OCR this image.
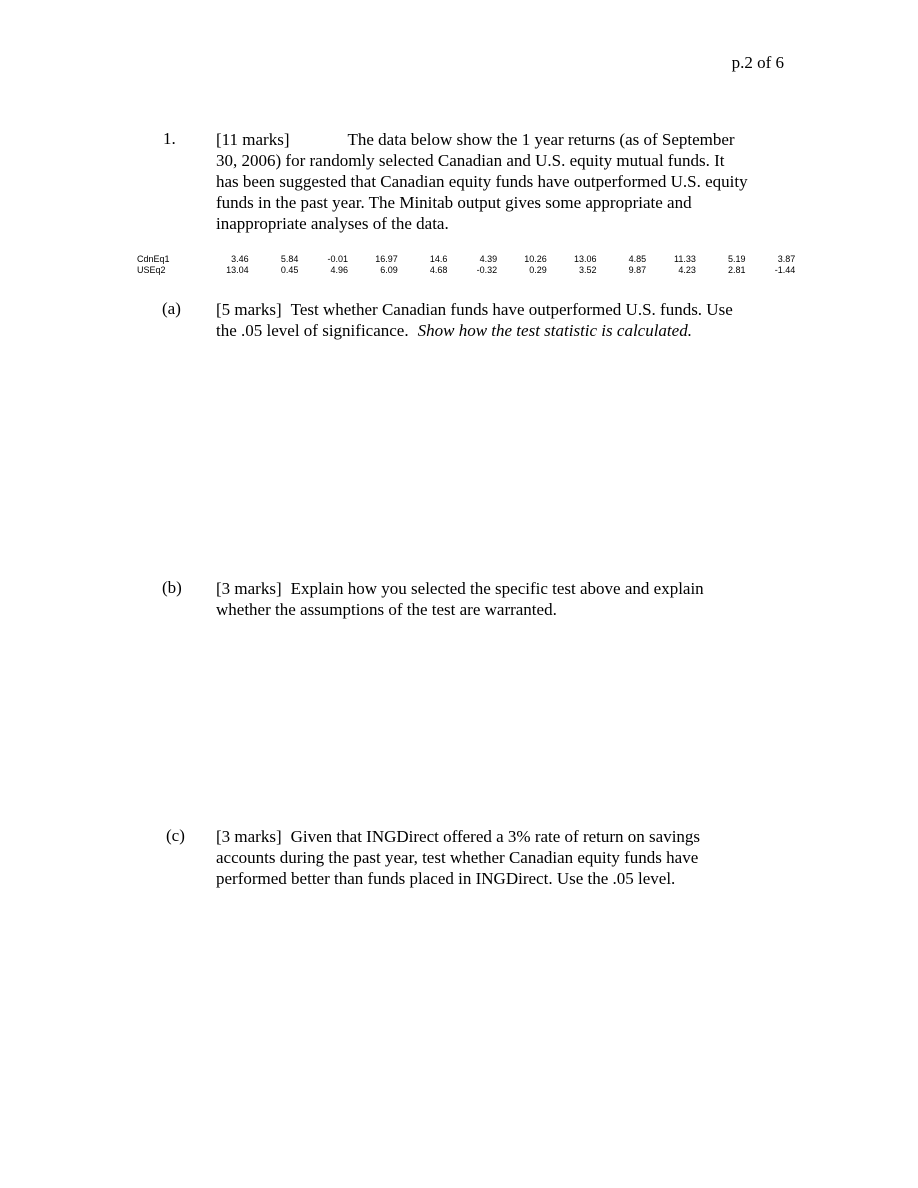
p.2 of 6
1. [11 marks]	The data below show the 1 year returns (as of September
30, 2006) for randomly selected Canadian and U.S. equity mutual funds. It
has been suggested that Canadian equity funds have outperformed U.S. equity
funds in the past year. The Minitab output gives some appropriate and
inappropriate analyses of the data.
CdnEq1	3.46	5.84	-0.01	16.97	14.6	4.39	10.26	13.06	4.85	11.33	5.19	3.87
USEq2	13.04	0.45	4.96	6.09	4.68	-0.32	0.29	3.52	9.87	4.23	2.81	-1.44
(a) [5 marks] Test whether Canadian funds have outperformed U.S. funds. Use
the .05 level of significance. Show how the test statistic is calculated.
(b) [3 marks] Explain how you selected the specific test above and explain
whether the assumptions of the test are warranted.
(c) [3 marks] Given that INGDirect offered a 3% rate of return on savings
accounts during the past year, test whether Canadian equity funds have
performed better than funds placed in INGDirect. Use the .05 level.
